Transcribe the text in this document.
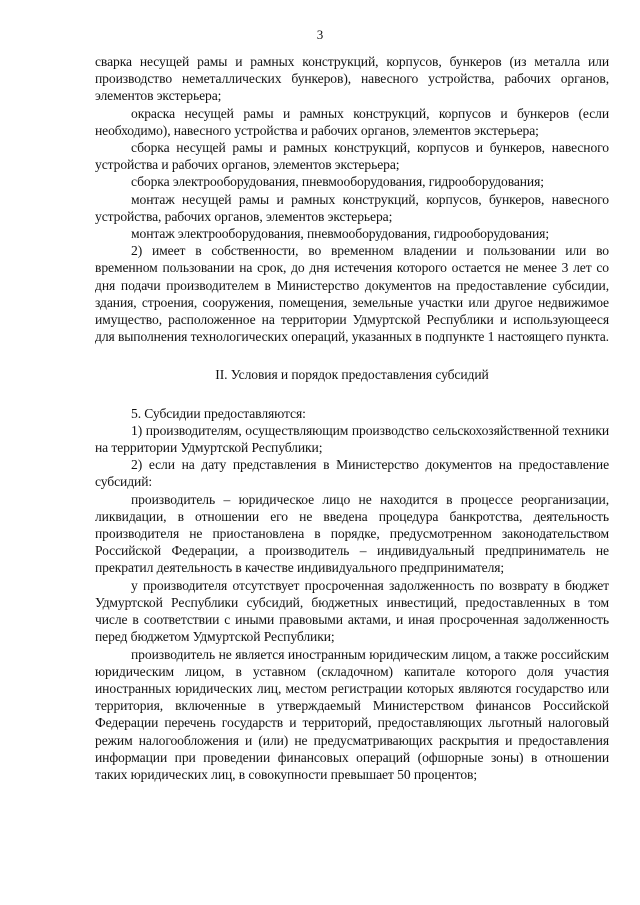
3

сварка несущей рамы и рамных конструкций, корпусов, бункеров (из металла или производство неметаллических бункеров), навесного устройства, рабочих органов, элементов экстерьера;

окраска несущей рамы и рамных конструкций, корпусов и бункеров (если необходимо), навесного устройства и рабочих органов, элементов экстерьера;

сборка несущей рамы и рамных конструкций, корпусов и бункеров, навесного устройства и рабочих органов, элементов экстерьера;

сборка электрооборудования, пневмооборудования, гидрооборудования;

монтаж несущей рамы и рамных конструкций, корпусов, бункеров, навесного устройства, рабочих органов, элементов экстерьера;

монтаж электрооборудования, пневмооборудования, гидрооборудования;

2) имеет в собственности, во временном владении и пользовании или во временном пользовании на срок, до дня истечения которого остается не менее 3 лет со дня подачи производителем в Министерство документов на предоставление субсидии, здания, строения, сооружения, помещения, земельные участки или другое недвижимое имущество, расположенное на территории Удмуртской Республики и использующееся для выполнения технологических операций, указанных в подпункте 1 настоящего пункта.

II. Условия и порядок предоставления субсидий

5. Субсидии предоставляются:

1) производителям, осуществляющим производство сельскохозяйственной техники на территории Удмуртской Республики;

2) если на дату представления в Министерство документов на предоставление субсидий:

производитель – юридическое лицо не находится в процессе реорганизации, ликвидации, в отношении его не введена процедура банкротства, деятельность производителя не приостановлена в порядке, предусмотренном законодательством Российской Федерации, а производитель – индивидуальный предприниматель не прекратил деятельность в качестве индивидуального предпринимателя;

у производителя отсутствует просроченная задолженность по возврату в бюджет Удмуртской Республики субсидий, бюджетных инвестиций, предоставленных в том числе в соответствии с иными правовыми актами, и иная просроченная задолженность перед бюджетом Удмуртской Республики;

производитель не является иностранным юридическим лицом, а также российским юридическим лицом, в уставном (складочном) капитале которого доля участия иностранных юридических лиц, местом регистрации которых являются государство или территория, включенные в утверждаемый Министерством финансов Российской Федерации перечень государств и территорий, предоставляющих льготный налоговый режим налогообложения и (или) не предусматривающих раскрытия и предоставления информации при проведении финансовых операций (офшорные зоны) в отношении таких юридических лиц, в совокупности превышает 50 процентов;
